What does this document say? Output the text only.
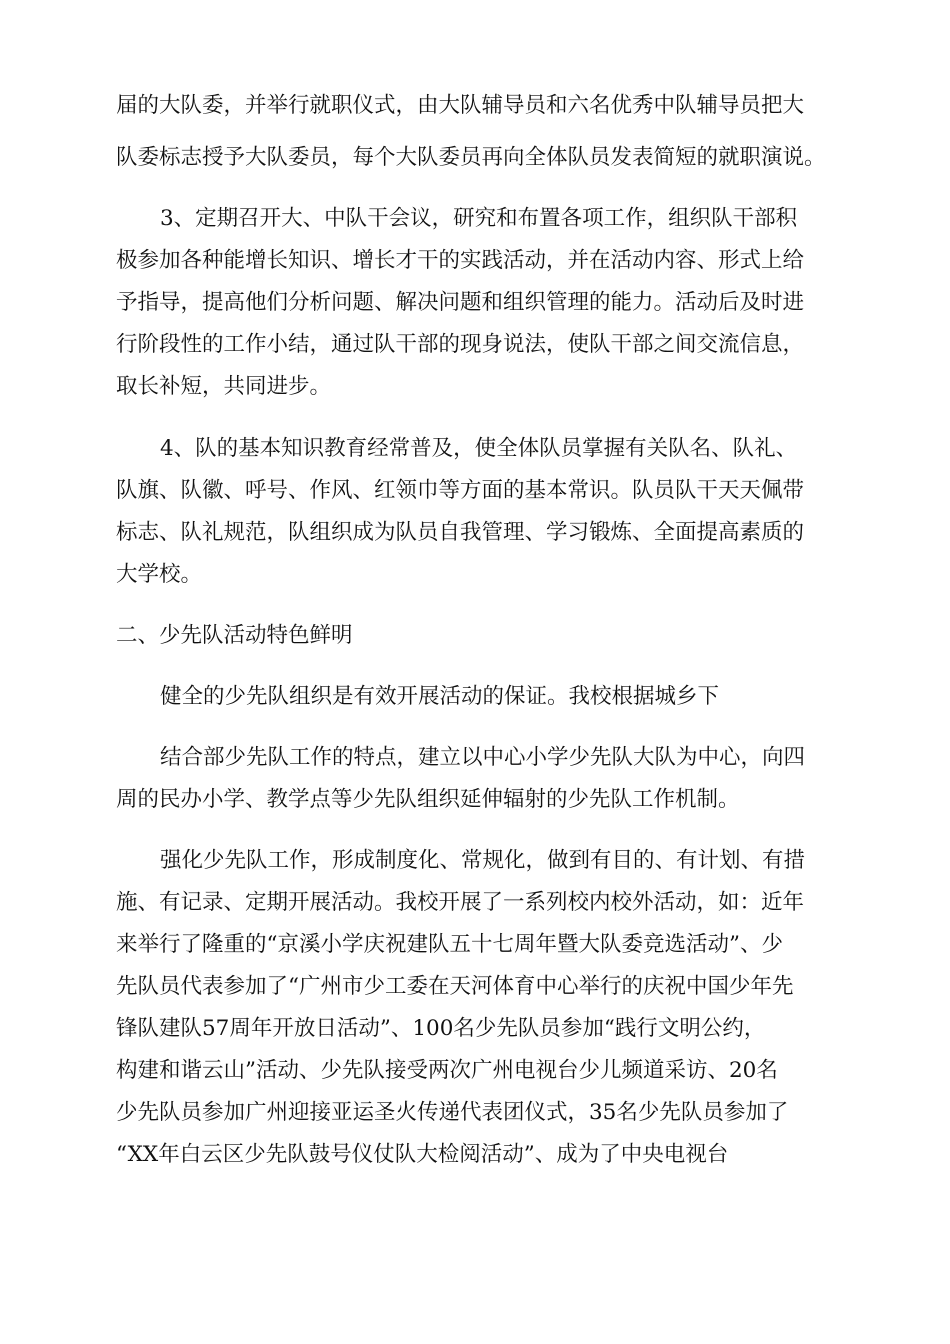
届的大队委，并举行就职仪式，由大队辅导员和六名优秀中队辅导员把大
队委标志授予大队委员，每个大队委员再向全体队员发表简短的就职演说。
3、定期召开大、中队干会议，研究和布置各项工作，组织队干部积
极参加各种能增长知识、增长才干的实践活动，并在活动内容、形式上给
予指导，提高他们分析问题、解决问题和组织管理的能力。活动后及时进
行阶段性的工作小结，通过队干部的现身说法，使队干部之间交流信息，
取长补短，共同进步。
4、队的基本知识教育经常普及，使全体队员掌握有关队名、队礼、
队旗、队徽、呼号、作风、红领巾等方面的基本常识。队员队干天天佩带
标志、队礼规范，队组织成为队员自我管理、学习锻炼、全面提高素质的
大学校。
二、少先队活动特色鲜明
健全的少先队组织是有效开展活动的保证。我校根据城乡下
结合部少先队工作的特点，建立以中心小学少先队大队为中心，向四
周的民办小学、教学点等少先队组织延伸辐射的少先队工作机制。
强化少先队工作，形成制度化、常规化，做到有目的、有计划、有措
施、有记录、定期开展活动。我校开展了一系列校内校外活动，如：近年
来举行了隆重的“京溪小学庆祝建队五十七周年暨大队委竞选活动”、少
先队员代表参加了“广州市少工委在天河体育中心举行的庆祝中国少年先
锋队建队57周年开放日活动”、100名少先队员参加“践行文明公约，
构建和谐云山”活动、少先队接受两次广州电视台少儿频道采访、20名
少先队员参加广州迎接亚运圣火传递代表团仪式，35名少先队员参加了
“XX年白云区少先队鼓号仪仗队大检阅活动”、成为了中央电视台
